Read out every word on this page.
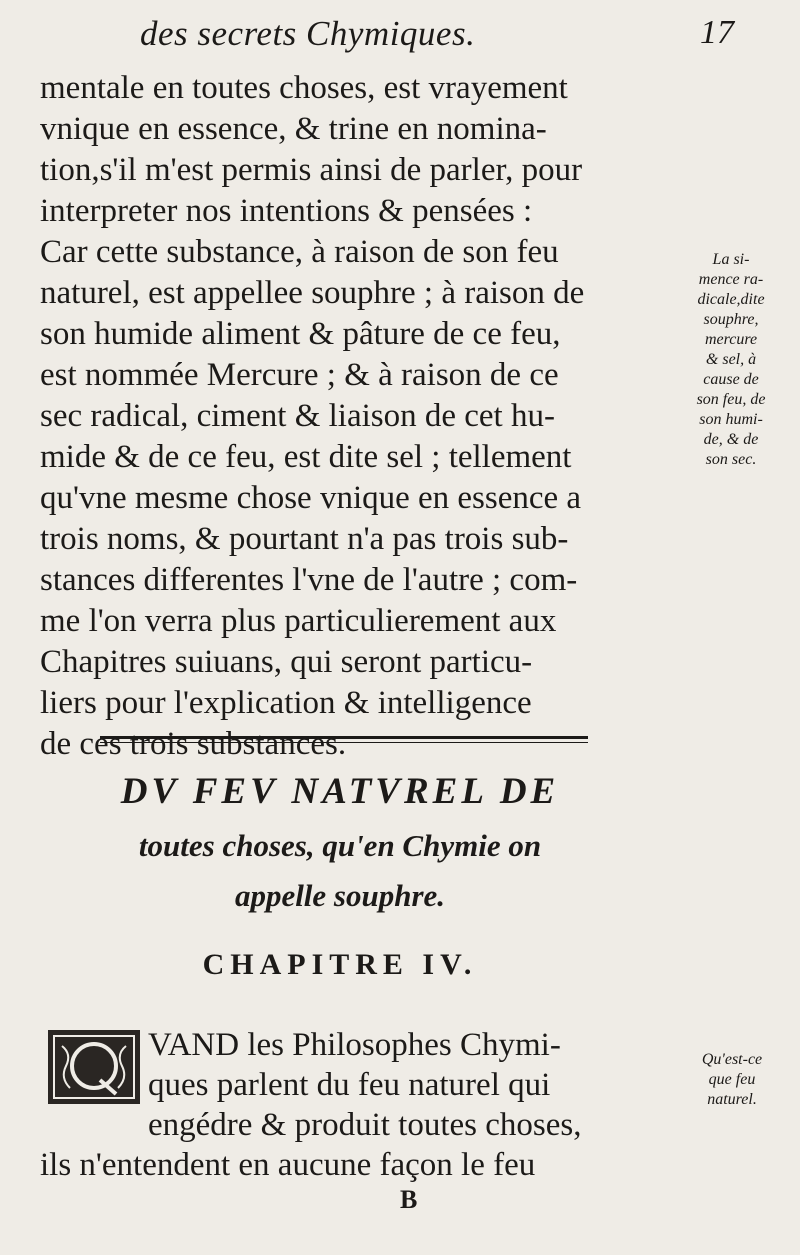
des secrets Chymiques.	17
mentale en toutes choses, est vrayement
vnique en essence, & trine en nomina-
tion,s'il m'est permis ainsi de parler, pour
interpreter nos intentions & pensées :
Car cette substance, à raison de son feu
naturel, est appellee souphre ; à raison de
son humide aliment & pâture de ce feu,
est nommée Mercure ; & à raison de ce
sec radical, ciment & liaison de cet hu-
mide & de ce feu, est dite sel ; tellement
qu'vne mesme chose vnique en essence a
trois noms, & pourtant n'a pas trois sub-
stances differentes l'vne de l'autre ; com-
me l'on verra plus particulierement aux
Chapitres suiuans, qui seront particu-
liers pour l'explication & intelligence
de ces trois substances.
La si-
mence ra-
dicale,dite
souphre,
mercure
& sel, à
cause de
son feu, de
son humi-
de, & de
son sec.
DV FEV NATVREL DE
toutes choses, qu'en Chymie on
appelle souphre.
CHAPITRE IV.
VAND les Philosophes Chymi-
ques parlent du feu naturel qui
engédre & produit toutes choses,
ils n'entendent en aucune façon le feu
Qu'est-ce
que feu
naturel.
B
